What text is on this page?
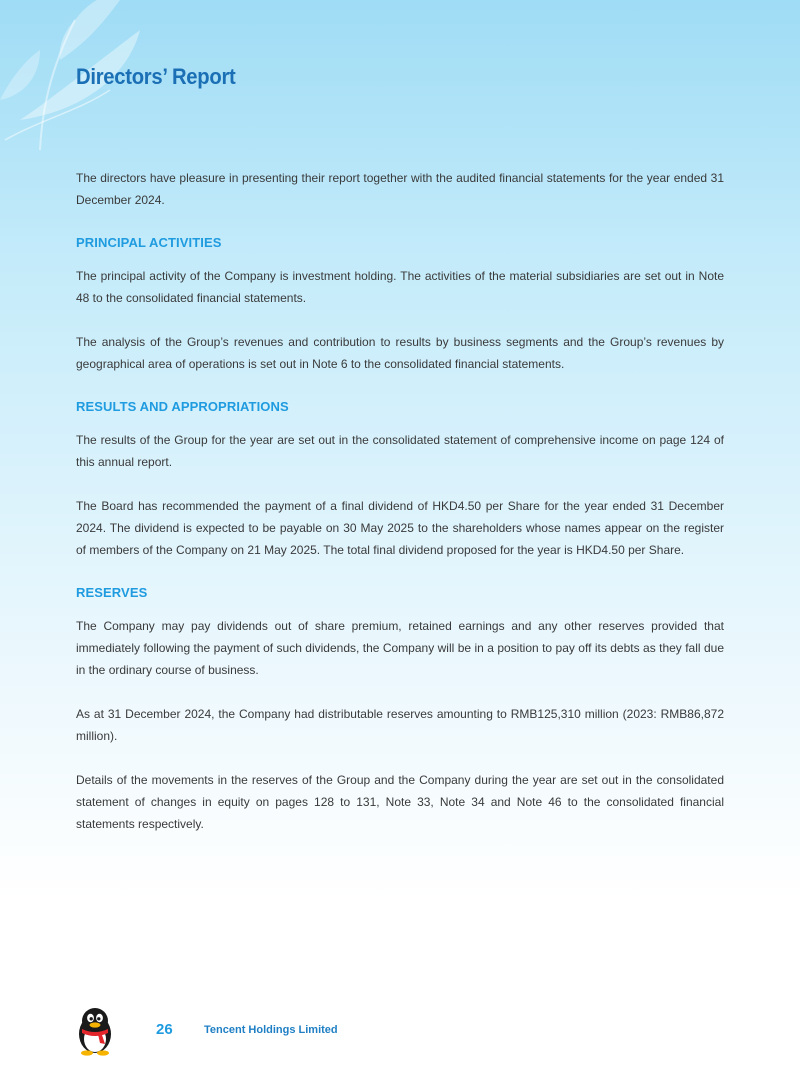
Directors’ Report

The directors have pleasure in presenting their report together with the audited financial statements for the year ended 31 December 2024.

PRINCIPAL ACTIVITIES

The principal activity of the Company is investment holding. The activities of the material subsidiaries are set out in Note 48 to the consolidated financial statements.

The analysis of the Group’s revenues and contribution to results by business segments and the Group’s revenues by geographical area of operations is set out in Note 6 to the consolidated financial statements.

RESULTS AND APPROPRIATIONS

The results of the Group for the year are set out in the consolidated statement of comprehensive income on page 124 of this annual report.

The Board has recommended the payment of a final dividend of HKD4.50 per Share for the year ended 31 December 2024. The dividend is expected to be payable on 30 May 2025 to the shareholders whose names appear on the register of members of the Company on 21 May 2025. The total final dividend proposed for the year is HKD4.50 per Share.

RESERVES

The Company may pay dividends out of share premium, retained earnings and any other reserves provided that immediately following the payment of such dividends, the Company will be in a position to pay off its debts as they fall due in the ordinary course of business.

As at 31 December 2024, the Company had distributable reserves amounting to RMB125,310 million (2023: RMB86,872 million).

Details of the movements in the reserves of the Group and the Company during the year are set out in the consolidated statement of changes in equity on pages 128 to 131, Note 33, Note 34 and Note 46 to the consolidated financial statements respectively.

26	Tencent Holdings Limited
